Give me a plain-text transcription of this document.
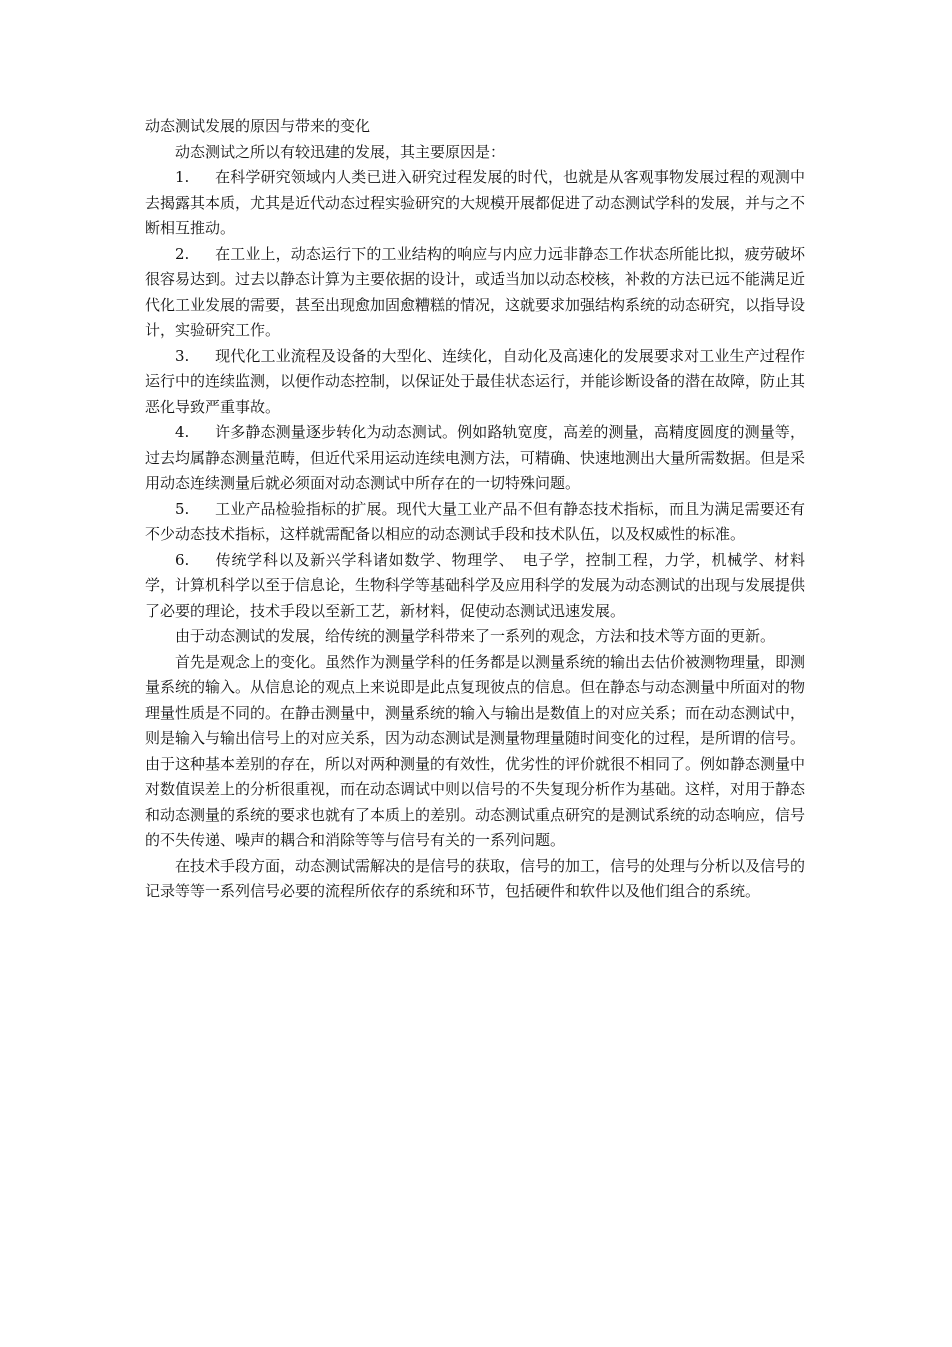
动态测试发展的原因与带来的变化

动态测试之所以有较迅建的发展，其主要原因是：

1. 在科学研究领域内人类已进入研究过程发展的时代，也就是从客观事物发展过程的观测中去揭露其本质，尤其是近代动态过程实验研究的大规模开展都促进了动态测试学科的发展，并与之不断相互推动。

2. 在工业上，动态运行下的工业结构的响应与内应力远非静态工作状态所能比拟，疲劳破坏很容易达到。过去以静态计算为主要依据的设计，或适当加以动态校核，补救的方法已远不能满足近代化工业发展的需要，甚至出现愈加固愈糟糕的情况，这就要求加强结构系统的动态研究，以指导设计，实验研究工作。

3. 现代化工业流程及设备的大型化、连续化，自动化及高速化的发展要求对工业生产过程作运行中的连续监测，以便作动态控制，以保证处于最佳状态运行，并能诊断设备的潜在故障，防止其恶化导致严重事故。

4. 许多静态测量逐步转化为动态测试。例如路轨宽度，高差的测量，高精度圆度的测量等，过去均属静态测量范畴，但近代采用运动连续电测方法，可精确、快速地测出大量所需数据。但是采用动态连续测量后就必须面对动态测试中所存在的一切特殊问题。

5. 工业产品检验指标的扩展。现代大量工业产品不但有静态技术指标，而且为满足需要还有不少动态技术指标，这样就需配备以相应的动态测试手段和技术队伍，以及权威性的标准。

6. 传统学科以及新兴学科诸如数学、物理学、　电子学，控制工程，力学，机械学、材料学，计算机科学以至于信息论，生物科学等基础科学及应用科学的发展为动态测试的出现与发展提供了必要的理论，技术手段以至新工艺，新材料，促使动态测试迅速发展。

由于动态测试的发展，给传统的测量学科带来了一系列的观念，方法和技术等方面的更新。

首先是观念上的变化。虽然作为测量学科的任务都是以测量系统的输出去估价被测物理量，即测量系统的输入。从信息论的观点上来说即是此点复现彼点的信息。但在静态与动态测量中所面对的物理量性质是不同的。在静击测量中，测量系统的输入与输出是数值上的对应关系；而在动态测试中，则是输入与输出信号上的对应关系，因为动态测试是测量物理量随时间变化的过程，是所谓的信号。由于这种基本差别的存在，所以对两种测量的有效性，优劣性的评价就很不相同了。例如静态测量中对数值误差上的分析很重视，而在动态调试中则以信号的不失复现分析作为基础。这样，对用于静态和动态测量的系统的要求也就有了本质上的差别。动态测试重点研究的是测试系统的动态响应，信号的不失传递、噪声的耦合和消除等等与信号有关的一系列问题。

在技术手段方面，动态测试需解决的是信号的获取，信号的加工，信号的处理与分析以及信号的记录等等一系列信号必要的流程所依存的系统和环节，包括硬件和软件以及他们组合的系统。
